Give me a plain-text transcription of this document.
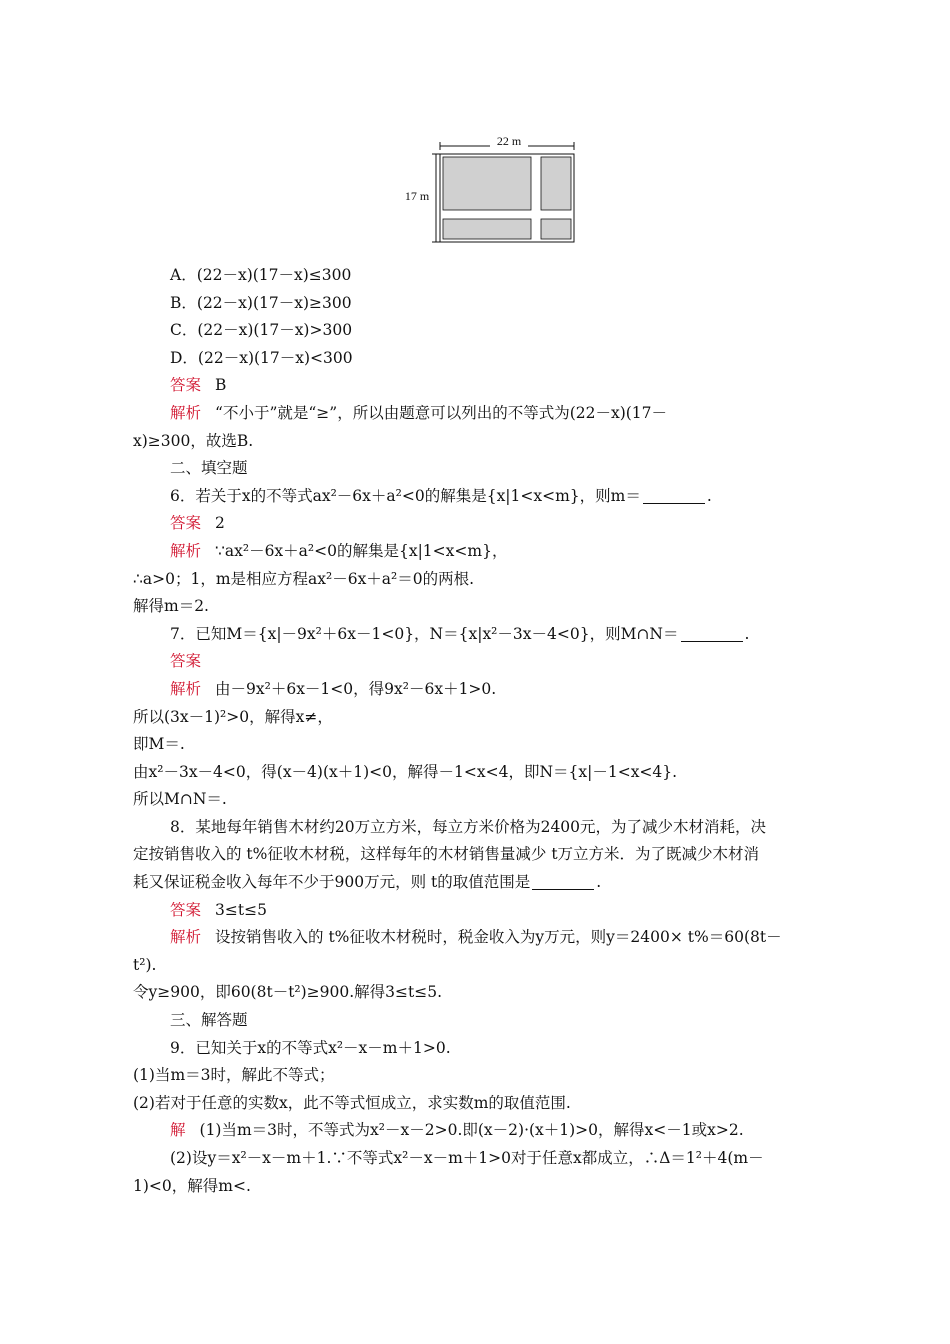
22 m
17 m
A．(22－x)(17－x)≤300
B．(22－x)(17－x)≥300
C．(22－x)(17－x)>300
D．(22－x)(17－x)<300
答案 B
解析 “不小于”就是“≥”，所以由题意可以列出的不等式为(22－x)(17－
x)≥300，故选B.
二、填空题
6．若关于x的不等式ax²－6x＋a²<0的解集是{x|1<x<m}，则m＝	.
答案 2
解析 ∵ax²－6x＋a²<0的解集是{x|1<x<m}，
∴a>0；1，m是相应方程ax²－6x＋a²＝0的两根.
解得m＝2.
7．已知M＝{x|－9x²＋6x－1<0}，N＝{x|x²－3x－4<0}，则M∩N＝	.
答案
解析 由－9x²＋6x－1<0，得9x²－6x＋1>0.
所以(3x－1)²>0，解得x≠，
即M＝.
由x²－3x－4<0，得(x－4)(x＋1)<0，解得－1<x<4，即N＝{x|－1<x<4}.
所以M∩N＝.
8．某地每年销售木材约20万立方米，每立方米价格为2400元，为了减少木材消耗，决
定按销售收入的 t%征收木材税，这样每年的木材销售量减少 t万立方米．为了既减少木材消
耗又保证税金收入每年不少于900万元，则 t的取值范围是	.
答案 3≤t≤5
解析 设按销售收入的 t%征收木材税时，税金收入为y万元，则y＝2400× t%＝60(8t－
t²).
令y≥900，即60(8t－t²)≥900.解得3≤t≤5.
三、解答题
9．已知关于x的不等式x²－x－m＋1>0.
(1)当m＝3时，解此不等式；
(2)若对于任意的实数x，此不等式恒成立，求实数m的取值范围.
解 (1)当m＝3时，不等式为x²－x－2>0.即(x－2)·(x＋1)>0，解得x<－1或x>2.
(2)设y＝x²－x－m＋1.∵不等式x²－x－m＋1>0对于任意x都成立，∴Δ＝1²＋4(m－
1)<0，解得m<.
